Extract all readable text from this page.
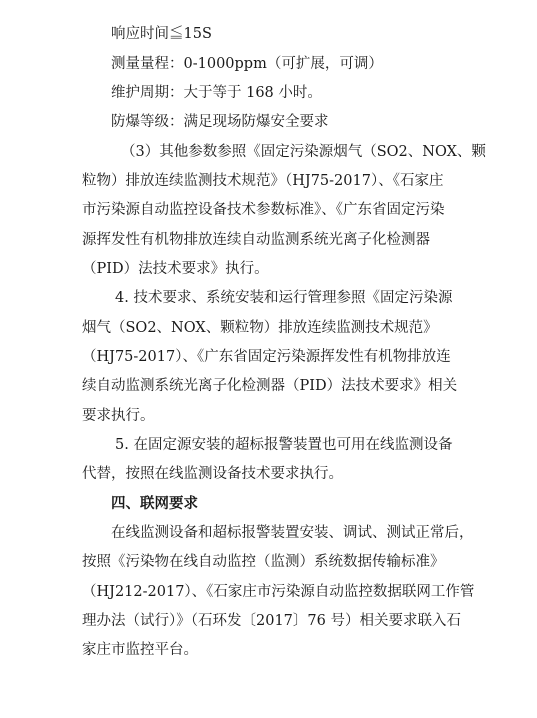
响应时间≦15S
测量量程：0-1000ppm（可扩展，可调）
维护周期：大于等于 168 小时。
防爆等级：满足现场防爆安全要求
（3）其他参数参照《固定污染源烟气（SO2、NOX、颗
粒物）排放连续监测技术规范》（HJ75-2017）、《石家庄
市污染源自动监控设备技术参数标准》、《广东省固定污染
源挥发性有机物排放连续自动监测系统光离子化检测器
（PID）法技术要求》执行。
4. 技术要求、系统安装和运行管理参照《固定污染源
烟气（SO2、NOX、颗粒物）排放连续监测技术规范》
（HJ75-2017）、《广东省固定污染源挥发性有机物排放连
续自动监测系统光离子化检测器（PID）法技术要求》相关
要求执行。
5. 在固定源安装的超标报警装置也可用在线监测设备
代替，按照在线监测设备技术要求执行。
四、联网要求
在线监测设备和超标报警装置安装、调试、测试正常后，
按照《污染物在线自动监控（监测）系统数据传输标准》
（HJ212-2017）、《石家庄市污染源自动监控数据联网工作管
理办法（试行）》（石环发〔2017〕76 号）相关要求联入石
家庄市监控平台。
